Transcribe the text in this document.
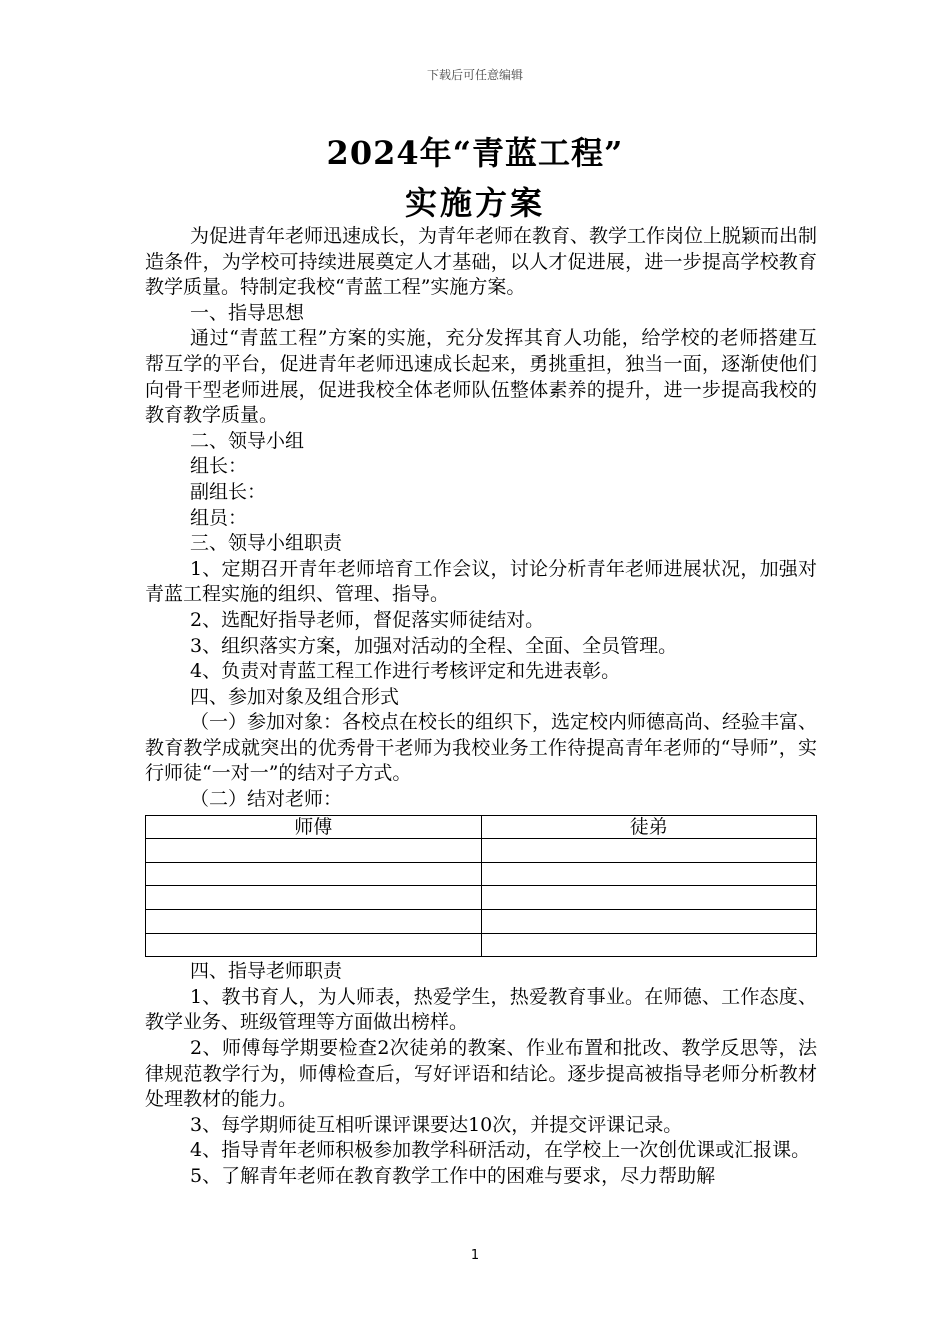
下载后可任意编辑
2024年“青蓝工程”
实施方案

为促进青年老师迅速成长，为青年老师在教育、教学工作岗位上脱颖而出制造条件，为学校可持续进展奠定人才基础，以人才促进展，进一步提高学校教育教学质量。特制定我校“青蓝工程”实施方案。

一、指导思想

通过“青蓝工程”方案的实施，充分发挥其育人功能，给学校的老师搭建互帮互学的平台，促进青年老师迅速成长起来，勇挑重担，独当一面，逐渐使他们向骨干型老师进展，促进我校全体老师队伍整体素养的提升，进一步提高我校的教育教学质量。

二、领导小组

组长：

副组长：

组员：

三、领导小组职责

1、定期召开青年老师培育工作会议，讨论分析青年老师进展状况，加强对青蓝工程实施的组织、管理、指导。

2、选配好指导老师，督促落实师徒结对。

3、组织落实方案，加强对活动的全程、全面、全员管理。

4、负责对青蓝工程工作进行考核评定和先进表彰。

四、参加对象及组合形式

（一）参加对象：各校点在校长的组织下，选定校内师德高尚、经验丰富、教育教学成就突出的优秀骨干老师为我校业务工作待提高青年老师的“导师”，实行师徒“一对一”的结对子方式。

（二）结对老师：

师傅	徒弟

四、指导老师职责

1、教书育人，为人师表，热爱学生，热爱教育事业。在师德、工作态度、教学业务、班级管理等方面做出榜样。

2、师傅每学期要检查2次徒弟的教案、作业布置和批改、教学反思等，法律规范教学行为，师傅检查后，写好评语和结论。逐步提高被指导老师分析教材处理教材的能力。

3、每学期师徒互相听课评课要达10次，并提交评课记录。

4、指导青年老师积极参加教学科研活动，在学校上一次创优课或汇报课。

5、了解青年老师在教育教学工作中的困难与要求，尽力帮助解

1
